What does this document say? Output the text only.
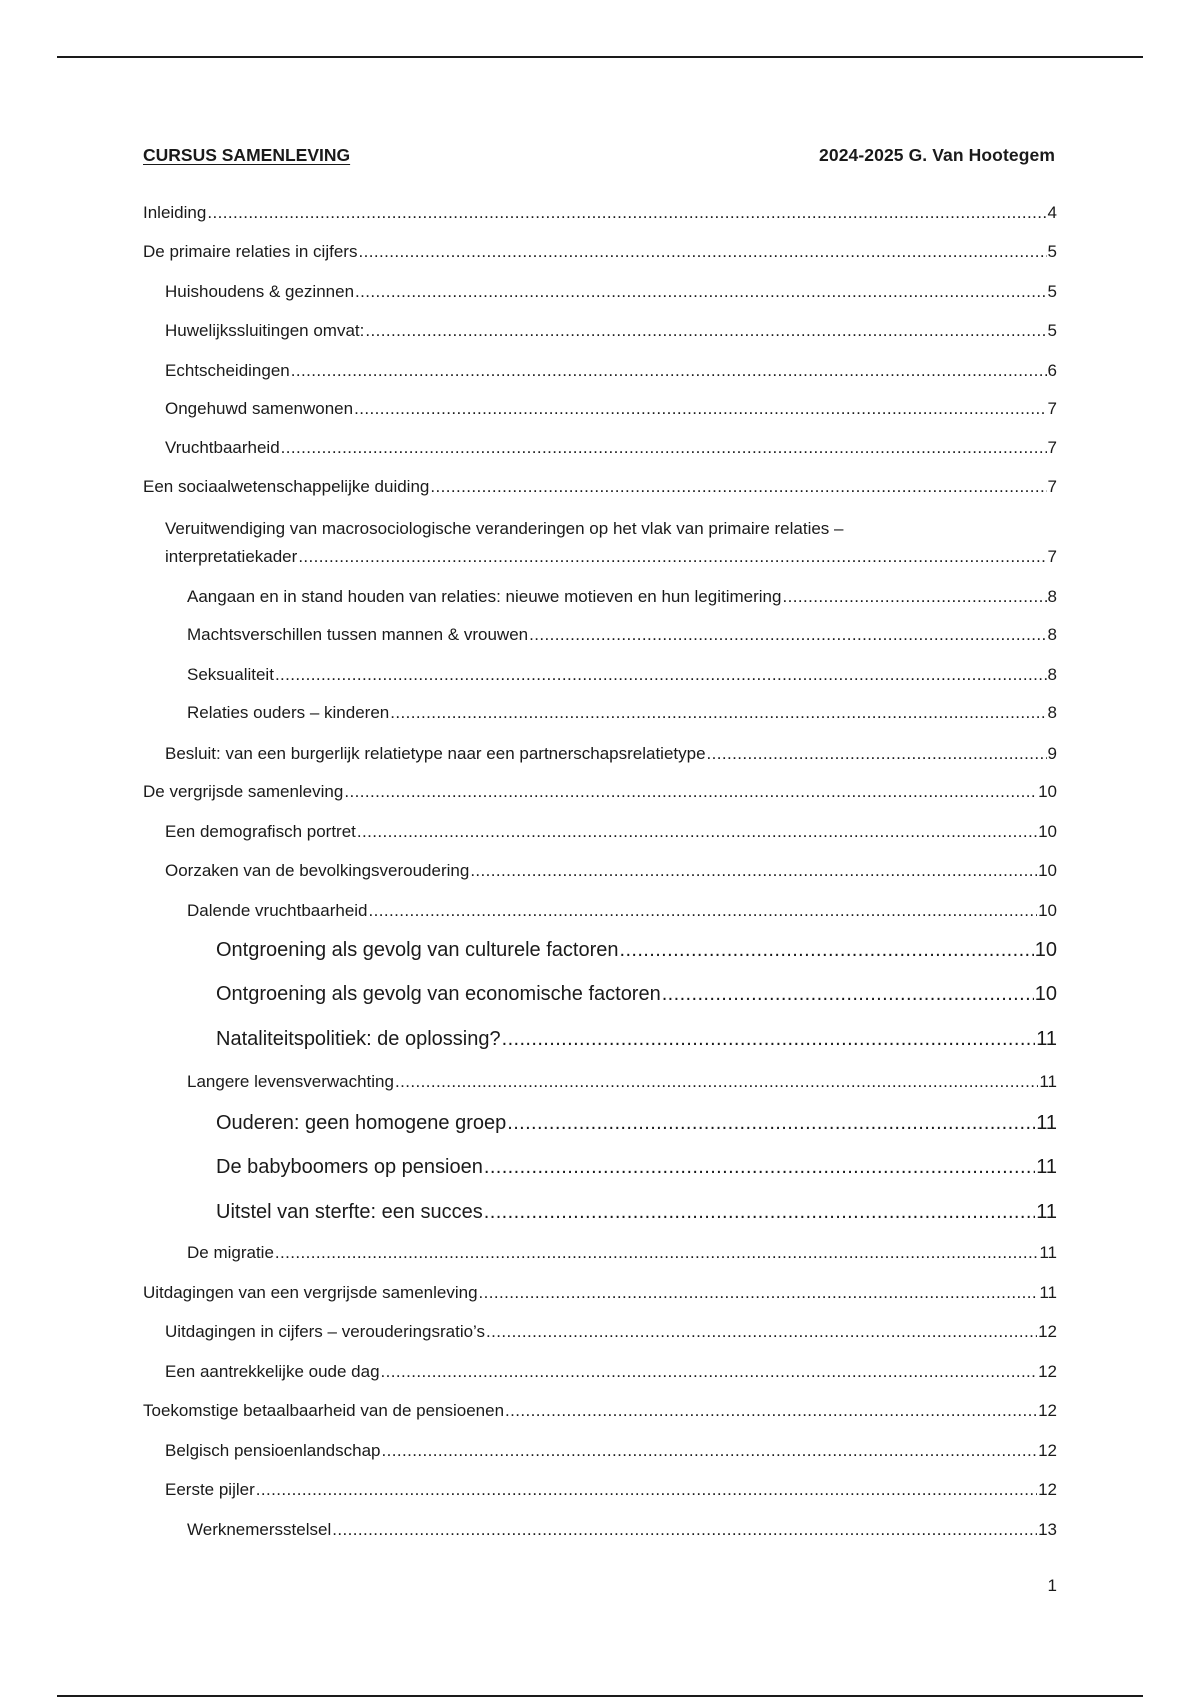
CURSUS SAMENLEVING	2024-2025 G. Van Hootegem
Inleiding .....	4
De primaire relaties in cijfers .....	5
Huishoudens & gezinnen .....	5
Huwelijkssluitingen omvat: .....	5
Echtscheidingen .....	6
Ongehuwd samenwonen .....	7
Vruchtbaarheid .....	7
Een sociaalwetenschappelijke duiding .....	7
Veruitwendiging van macrosociologische veranderingen op het vlak van primaire relaties –
interpretatiekader .....	7
Aangaan en in stand houden van relaties: nieuwe motieven en hun legitimering .....	8
Machtsverschillen tussen mannen & vrouwen .....	8
Seksualiteit .....	8
Relaties ouders – kinderen .....	8
Besluit: van een burgerlijk relatietype naar een partnerschapsrelatietype .....	9
De vergrijsde samenleving .....	10
Een demografisch portret .....	10
Oorzaken van de bevolkingsveroudering .....	10
Dalende vruchtbaarheid .....	10
Ontgroening als gevolg van culturele factoren .....	10
Ontgroening als gevolg van economische factoren .....	10
Nataliteitspolitiek: de oplossing? .....	11
Langere levensverwachting .....	11
Ouderen: geen homogene groep .....	11
De babyboomers op pensioen .....	11
Uitstel van sterfte: een succes .....	11
De migratie .....	11
Uitdagingen van een vergrijsde samenleving .....	11
Uitdagingen in cijfers – verouderingsratio’s .....	12
Een aantrekkelijke oude dag .....	12
Toekomstige betaalbaarheid van de pensioenen .....	12
Belgisch pensioenlandschap .....	12
Eerste pijler .....	12
Werknemersstelsel .....	13
1
